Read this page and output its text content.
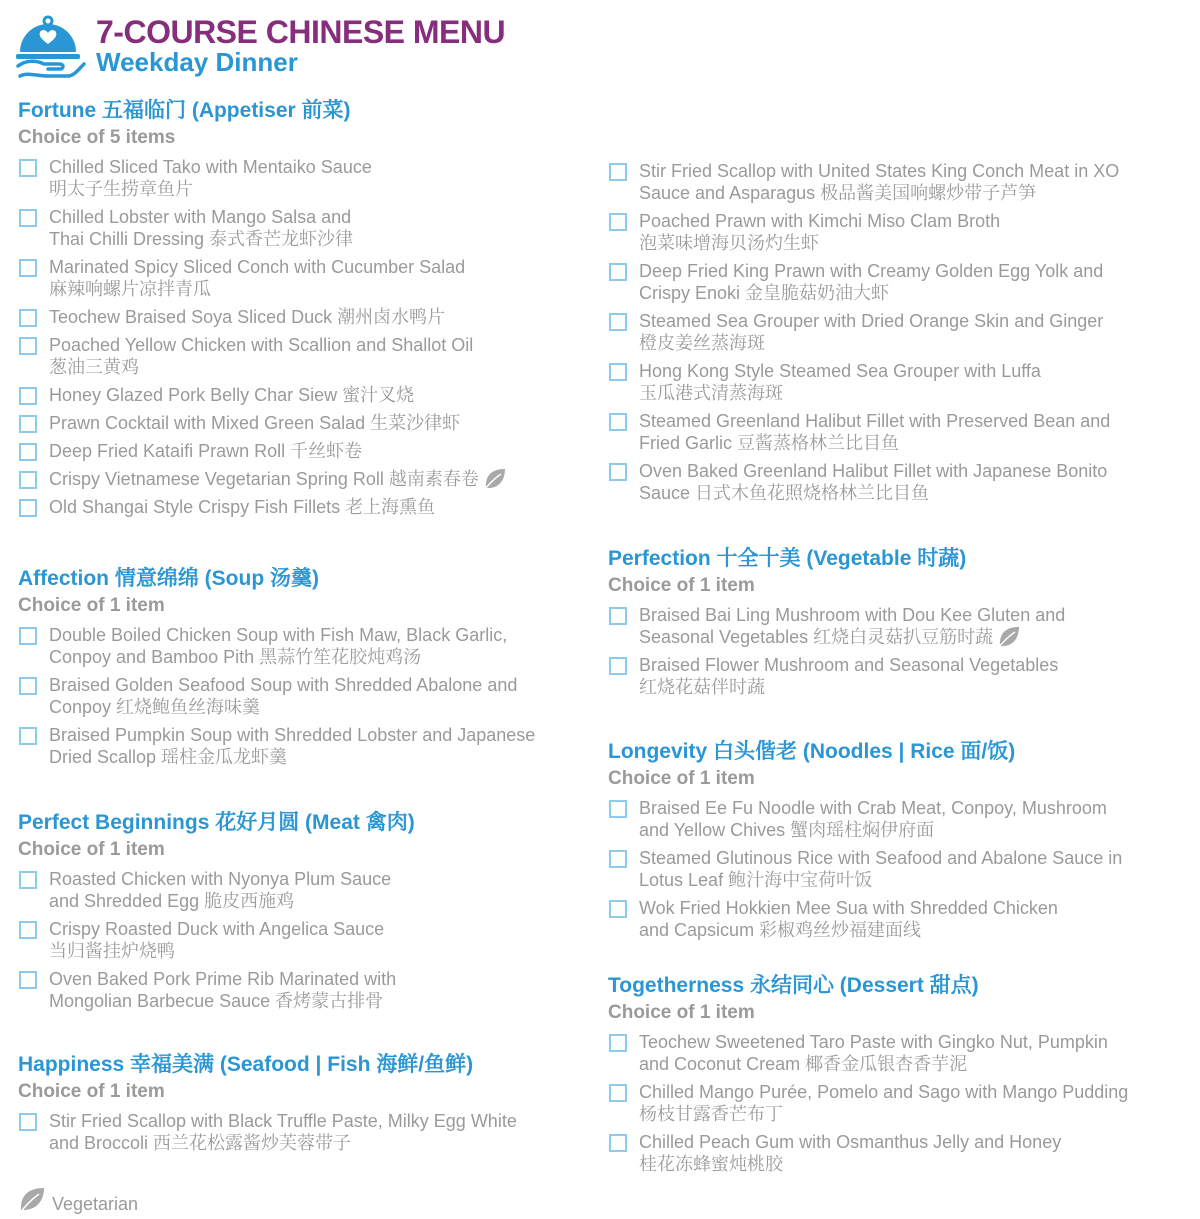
7-COURSE CHINESE MENU
Weekday Dinner
Fortune 五福临门 (Appetiser 前菜)
Choice of 5 items
Chilled Sliced Tako with Mentaiko Sauce
明太子生捞章鱼片
Chilled Lobster with Mango Salsa and
Thai Chilli Dressing 泰式香芒龙虾沙律
Marinated Spicy Sliced Conch with Cucumber Salad
麻辣响螺片凉拌青瓜
Teochew Braised Soya Sliced Duck 潮州卤水鸭片
Poached Yellow Chicken with Scallion and Shallot Oil
葱油三黄鸡
Honey Glazed Pork Belly Char Siew 蜜汁叉烧
Prawn Cocktail with Mixed Green Salad 生菜沙律虾
Deep Fried Kataifi Prawn Roll 千丝虾卷
Crispy Vietnamese Vegetarian Spring Roll 越南素春卷
Old Shangai Style Crispy Fish Fillets 老上海熏鱼
Affection 情意绵绵 (Soup 汤羹)
Choice of 1 item
Double Boiled Chicken Soup with Fish Maw, Black Garlic,
Conpoy and Bamboo Pith 黑蒜竹笙花胶炖鸡汤
Braised Golden Seafood Soup with Shredded Abalone and
Conpoy 红烧鲍鱼丝海味羹
Braised Pumpkin Soup with Shredded Lobster and Japanese
Dried Scallop 瑶柱金瓜龙虾羹
Perfect Beginnings 花好月圆 (Meat 禽肉)
Choice of 1 item
Roasted Chicken with Nyonya Plum Sauce
and Shredded Egg 脆皮西施鸡
Crispy Roasted Duck with Angelica Sauce
当归酱挂炉烧鸭
Oven Baked Pork Prime Rib Marinated with
Mongolian Barbecue Sauce 香烤蒙古排骨
Happiness 幸福美满 (Seafood | Fish 海鲜/鱼鲜)
Choice of 1 item
Stir Fried Scallop with Black Truffle Paste, Milky Egg White
and Broccoli 西兰花松露酱炒芙蓉带子
Stir Fried Scallop with United States King Conch Meat in XO
Sauce and Asparagus 极品酱美国响螺炒带子芦笋
Poached Prawn with Kimchi Miso Clam Broth
泡菜味增海贝汤灼生虾
Deep Fried King Prawn with Creamy Golden Egg Yolk and
Crispy Enoki 金皇脆菇奶油大虾
Steamed Sea Grouper with Dried Orange Skin and Ginger
橙皮姜丝蒸海斑
Hong Kong Style Steamed Sea Grouper with Luffa
玉瓜港式清蒸海斑
Steamed Greenland Halibut Fillet with Preserved Bean and
Fried Garlic 豆酱蒸格林兰比目鱼
Oven Baked Greenland Halibut Fillet with Japanese Bonito
Sauce 日式木鱼花照烧格林兰比目鱼
Perfection 十全十美 (Vegetable 时蔬)
Choice of 1 item
Braised Bai Ling Mushroom with Dou Kee Gluten and
Seasonal Vegetables 红烧白灵菇扒豆筋时蔬
Braised Flower Mushroom and Seasonal Vegetables
红烧花菇伴时蔬
Longevity 白头偕老 (Noodles | Rice 面/饭)
Choice of 1 item
Braised Ee Fu Noodle with Crab Meat, Conpoy, Mushroom
and Yellow Chives 蟹肉瑶柱焖伊府面
Steamed Glutinous Rice with Seafood and Abalone Sauce in
Lotus Leaf 鲍汁海中宝荷叶饭
Wok Fried Hokkien Mee Sua with Shredded Chicken
and Capsicum 彩椒鸡丝炒福建面线
Togetherness 永结同心 (Dessert 甜点)
Choice of 1 item
Teochew Sweetened Taro Paste with Gingko Nut, Pumpkin
and Coconut Cream 椰香金瓜银杏香芋泥
Chilled Mango Purée, Pomelo and Sago with Mango Pudding
杨枝甘露香芒布丁
Chilled Peach Gum with Osmanthus Jelly and Honey
桂花冻蜂蜜炖桃胶
Vegetarian
